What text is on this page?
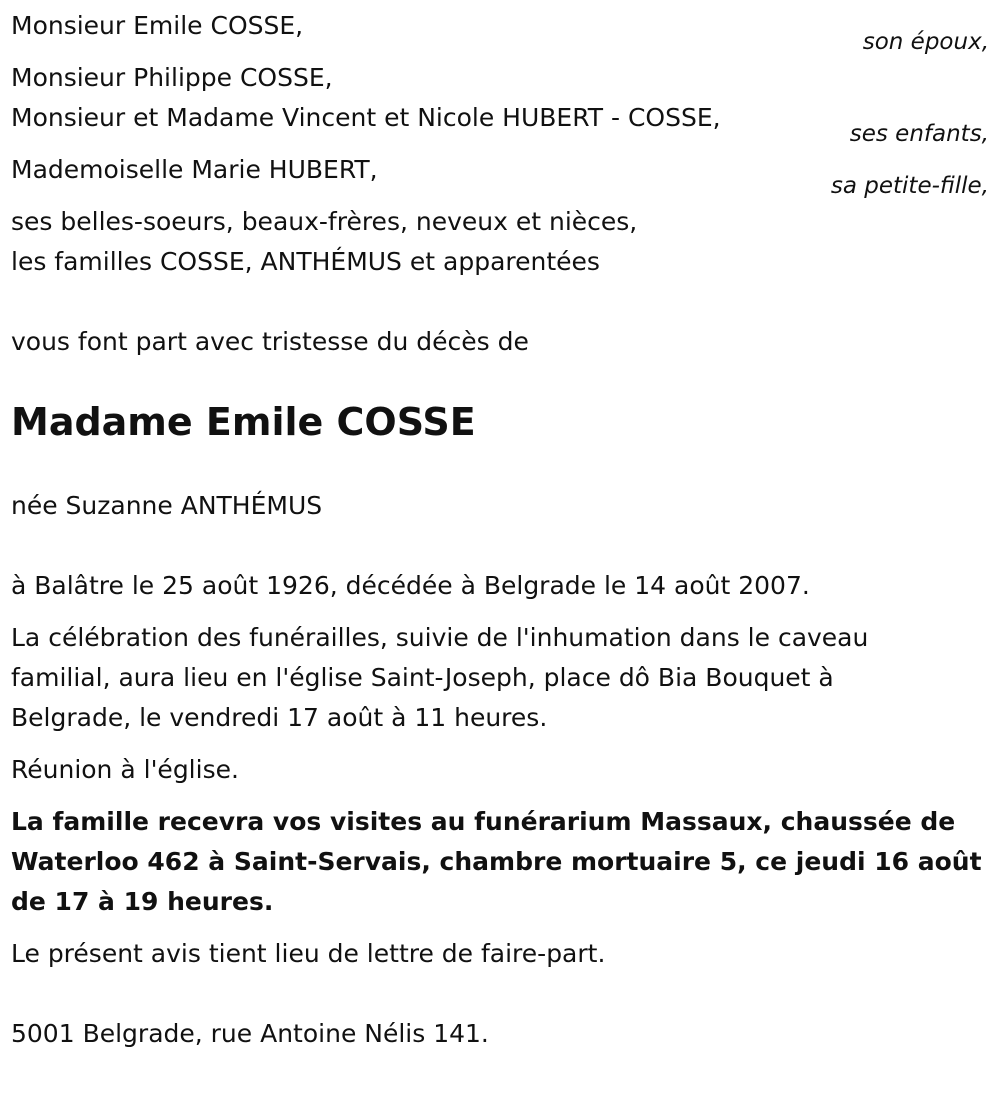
Monsieur Emile COSSE,
son époux,
Monsieur Philippe COSSE,
Monsieur et Madame Vincent et Nicole HUBERT - COSSE,
ses enfants,
Mademoiselle Marie HUBERT,
sa petite-fille,
ses belles-soeurs, beaux-frères, neveux et nièces,
les familles COSSE, ANTHÉMUS et apparentées
vous font part avec tristesse du décès de
Madame Emile COSSE
née Suzanne ANTHÉMUS
à Balâtre le 25 août 1926, décédée à Belgrade le 14 août 2007.
La célébration des funérailles, suivie de l'inhumation dans le caveau
familial, aura lieu en l'église Saint-Joseph, place dô Bia Bouquet à
Belgrade, le vendredi 17 août à 11 heures.
Réunion à l'église.
La famille recevra vos visites au funérarium Massaux, chaussée de
Waterloo 462 à Saint-Servais, chambre mortuaire 5, ce jeudi 16 août
de 17 à 19 heures.
Le présent avis tient lieu de lettre de faire-part.
5001 Belgrade, rue Antoine Nélis 141.
